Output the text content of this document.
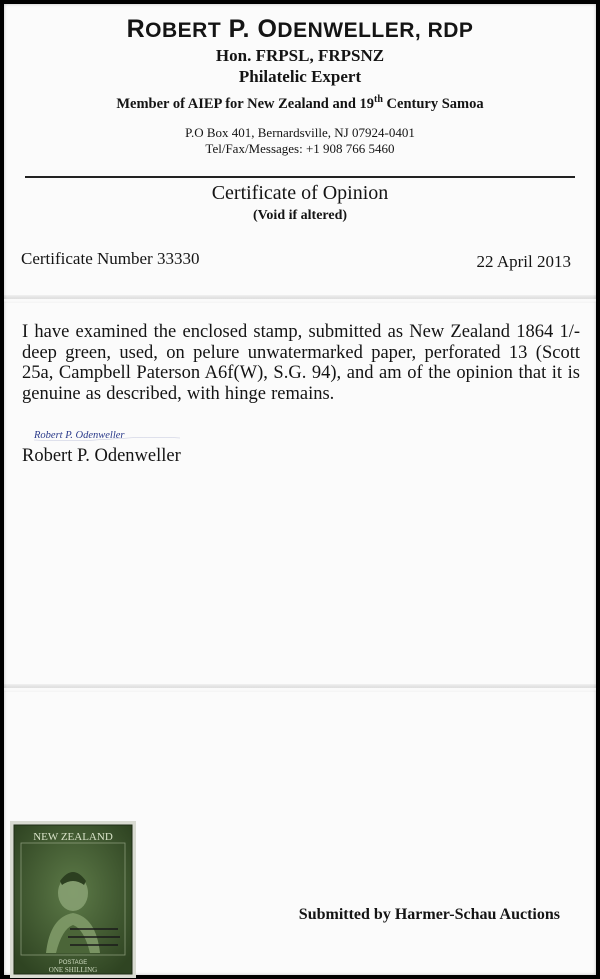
ROBERT P. ODENWELLER, RDP
Hon. FRPSL, FRPSNZ
Philatelic Expert
Member of AIEP for New Zealand and 19th Century Samoa
P.O Box 401, Bernardsville, NJ 07924-0401
Tel/Fax/Messages: +1 908 766 5460
Certificate of Opinion
(Void if altered)
Certificate Number 33330	22 April 2013
I have examined the enclosed stamp, submitted as New Zealand 1864 1/- deep green, used, on pelure unwatermarked paper, perforated 13 (Scott 25a, Campbell Paterson A6f(W), S.G. 94), and am of the opinion that it is genuine as described, with hinge remains.
Robert P. Odenweller
Robert P. Odenweller
NEW ZEALAND
POSTAGE
ONE SHILLING
Submitted by Harmer-Schau Auctions
